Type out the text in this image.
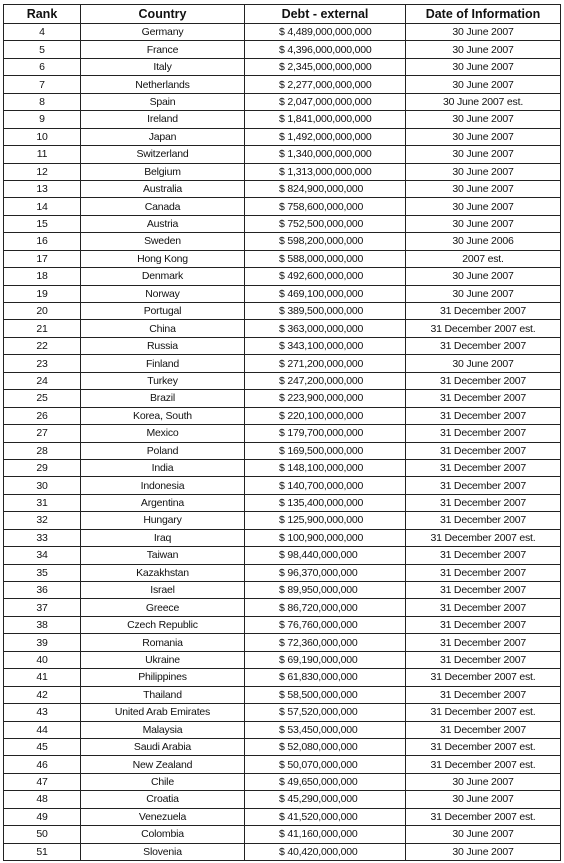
Rank	Country	Debt - external	Date of Information
4	Germany	$ 4,489,000,000,000	30 June 2007
5	France	$ 4,396,000,000,000	30 June 2007
6	Italy	$ 2,345,000,000,000	30 June 2007
7	Netherlands	$ 2,277,000,000,000	30 June 2007
8	Spain	$ 2,047,000,000,000	30 June 2007 est.
9	Ireland	$ 1,841,000,000,000	30 June 2007
10	Japan	$ 1,492,000,000,000	30 June 2007
11	Switzerland	$ 1,340,000,000,000	30 June 2007
12	Belgium	$ 1,313,000,000,000	30 June 2007
13	Australia	$ 824,900,000,000	30 June 2007
14	Canada	$ 758,600,000,000	30 June 2007
15	Austria	$ 752,500,000,000	30 June 2007
16	Sweden	$ 598,200,000,000	30 June 2006
17	Hong Kong	$ 588,000,000,000	2007 est.
18	Denmark	$ 492,600,000,000	30 June 2007
19	Norway	$ 469,100,000,000	30 June 2007
20	Portugal	$ 389,500,000,000	31 December 2007
21	China	$ 363,000,000,000	31 December 2007 est.
22	Russia	$ 343,100,000,000	31 December 2007
23	Finland	$ 271,200,000,000	30 June 2007
24	Turkey	$ 247,200,000,000	31 December 2007
25	Brazil	$ 223,900,000,000	31 December 2007
26	Korea, South	$ 220,100,000,000	31 December 2007
27	Mexico	$ 179,700,000,000	31 December 2007
28	Poland	$ 169,500,000,000	31 December 2007
29	India	$ 148,100,000,000	31 December 2007
30	Indonesia	$ 140,700,000,000	31 December 2007
31	Argentina	$ 135,400,000,000	31 December 2007
32	Hungary	$ 125,900,000,000	31 December 2007
33	Iraq	$ 100,900,000,000	31 December 2007 est.
34	Taiwan	$ 98,440,000,000	31 December 2007
35	Kazakhstan	$ 96,370,000,000	31 December 2007
36	Israel	$ 89,950,000,000	31 December 2007
37	Greece	$ 86,720,000,000	31 December 2007
38	Czech Republic	$ 76,760,000,000	31 December 2007
39	Romania	$ 72,360,000,000	31 December 2007
40	Ukraine	$ 69,190,000,000	31 December 2007
41	Philippines	$ 61,830,000,000	31 December 2007 est.
42	Thailand	$ 58,500,000,000	31 December 2007
43	United Arab Emirates	$ 57,520,000,000	31 December 2007 est.
44	Malaysia	$ 53,450,000,000	31 December 2007
45	Saudi Arabia	$ 52,080,000,000	31 December 2007 est.
46	New Zealand	$ 50,070,000,000	31 December 2007 est.
47	Chile	$ 49,650,000,000	30 June 2007
48	Croatia	$ 45,290,000,000	30 June 2007
49	Venezuela	$ 41,520,000,000	31 December 2007 est.
50	Colombia	$ 41,160,000,000	30 June 2007
51	Slovenia	$ 40,420,000,000	30 June 2007
